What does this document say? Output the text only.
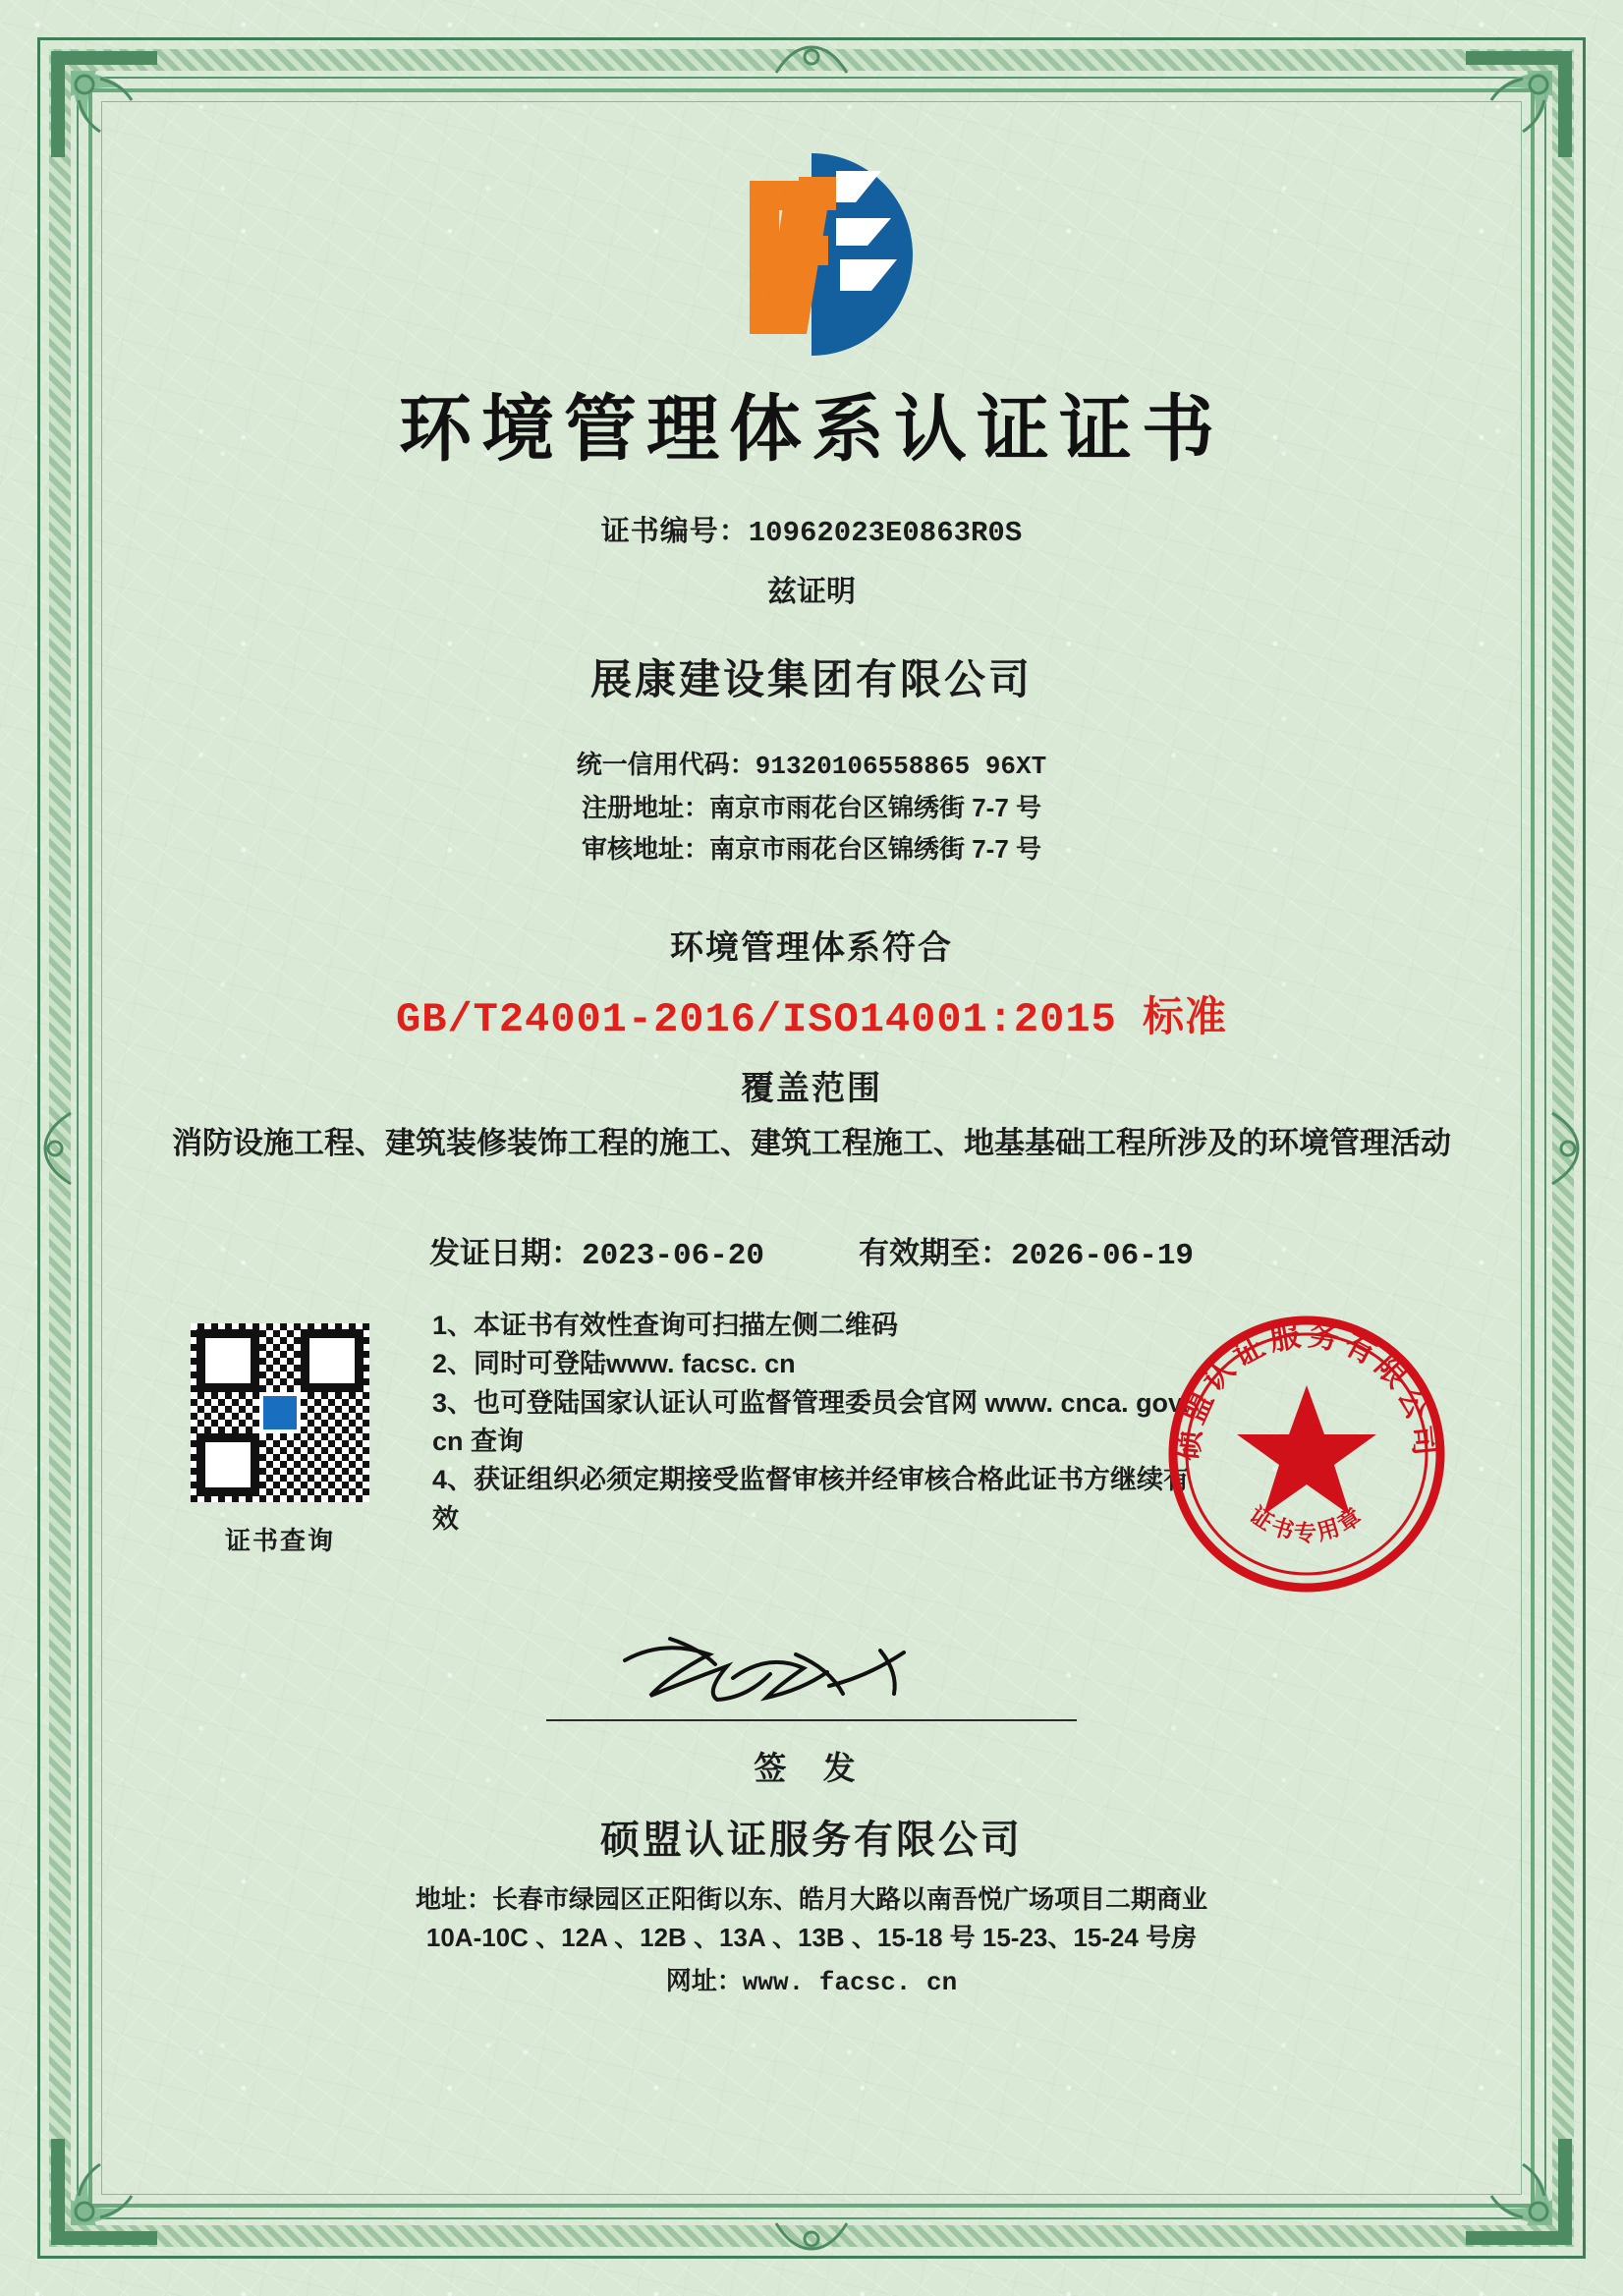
环境管理体系认证证书
证书编号：10962023E0863R0S
兹证明
展康建设集团有限公司
统一信用代码：91320106558865 96XT
注册地址：南京市雨花台区锦绣街 7-7 号
审核地址：南京市雨花台区锦绣街 7-7 号
环境管理体系符合
GB/T24001-2016/ISO14001:2015 标准
覆盖范围
消防设施工程、建筑装修装饰工程的施工、建筑工程施工、地基基础工程所涉及的环境管理活动
发证日期：2023-06-20	有效期至：2026-06-19
证书查询
1、本证书有效性查询可扫描左侧二维码
2、同时可登陆www. facsc. cn
3、也可登陆国家认证认可监督管理委员会官网 www. cnca. gov. cn 查询
4、获证组织必须定期接受监督审核并经审核合格此证书方继续有效
硕盟认证服务有限公司
证书专用章
签 发
硕盟认证服务有限公司
地址：长春市绿园区正阳街以东、皓月大路以南吾悦广场项目二期商业
10A-10C 、12A 、12B 、13A 、13B 、15-18 号 15-23、15-24 号房
网址：www. facsc. cn
